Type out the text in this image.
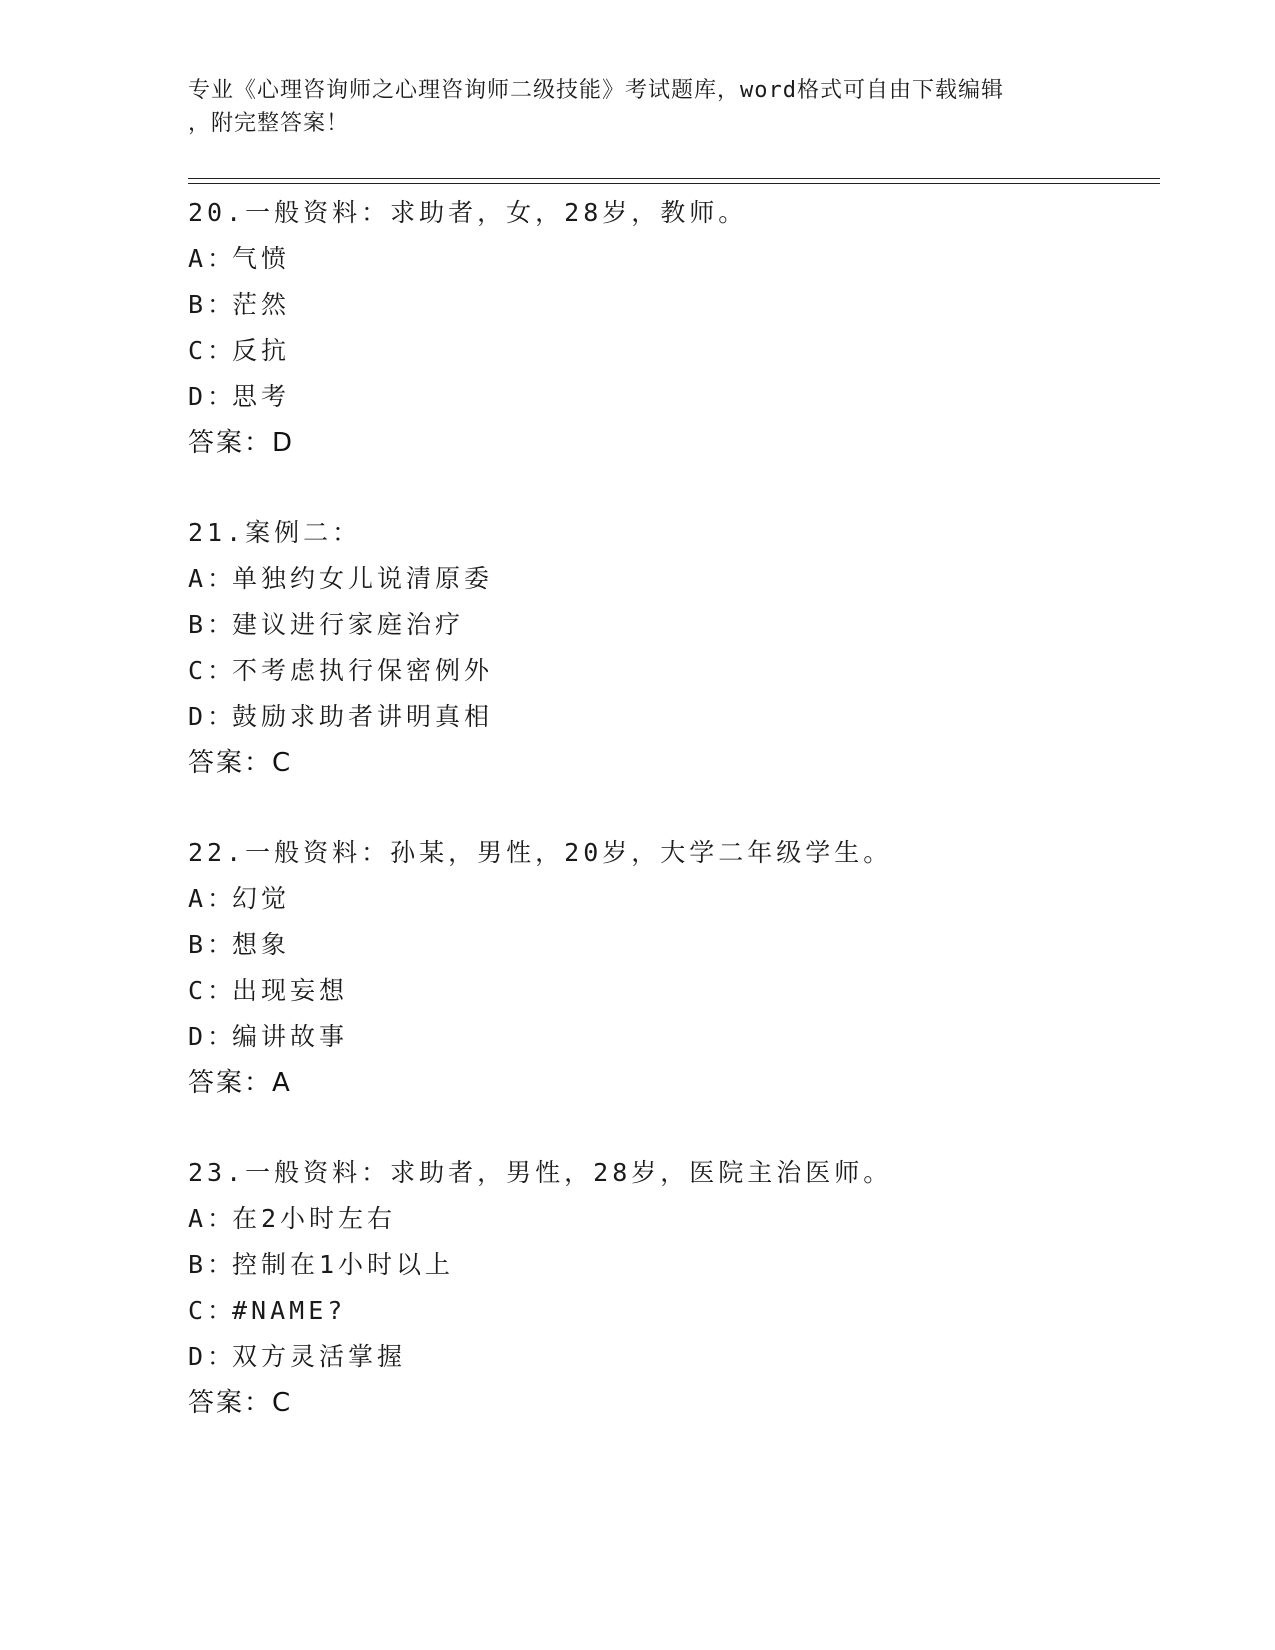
专业《心理咨询师之心理咨询师二级技能》考试题库，word格式可自由下载编辑
，附完整答案！
20.一般资料：求助者，女，28岁，教师。
A：
气愤
B：
茫然
C：
反抗
D：
思考
答案：D
21.案例二：
A：
单独约女儿说清原委
B：
建议进行家庭治疗
C：
不考虑执行保密例外
D：
鼓励求助者讲明真相
答案：C
22.一般资料：孙某，男性，20岁，大学二年级学生。
A：
幻觉
B：
想象
C：
出现妄想
D：
编讲故事
答案：A
23.一般资料：求助者，男性，28岁，医院主治医师。
A：
在2小时左右
B：
控制在1小时以上
C：
#NAME?
D：
双方灵活掌握
答案：C
